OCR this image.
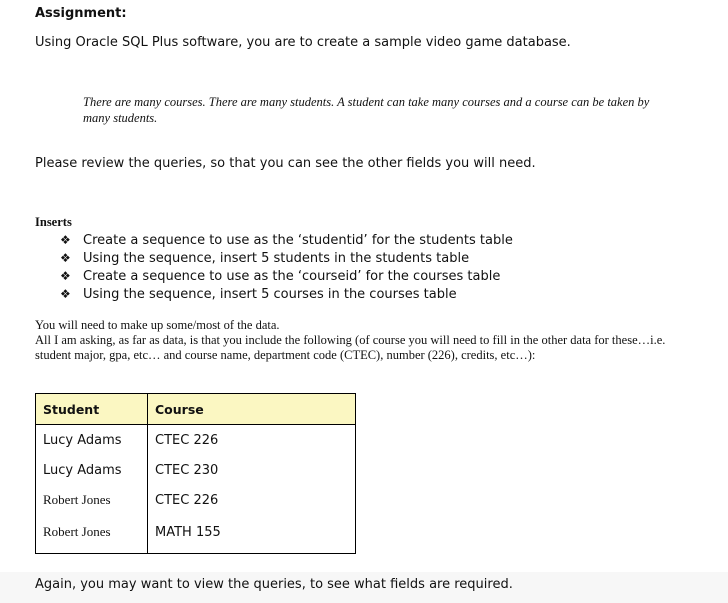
Assignment:
Using Oracle SQL Plus software, you are to create a sample video game database.
There are many courses. There are many students. A student can take many courses and a course can be taken by many students.
Please review the queries, so that you can see the other fields you will need.
Inserts
❖ Create a sequence to use as the ‘studentid’ for the students table
❖ Using the sequence, insert 5 students in the students table
❖ Create a sequence to use as the ‘courseid’ for the courses table
❖ Using the sequence, insert 5 courses in the courses table
You will need to make up some/most of the data.
All I am asking, as far as data, is that you include the following (of course you will need to fill in the other data for these…i.e. student major, gpa, etc… and course name, department code (CTEC), number (226), credits, etc…):
Student	Course
Lucy Adams	CTEC 226
Lucy Adams	CTEC 230
Robert Jones	CTEC 226
Robert Jones	MATH 155
Again, you may want to view the queries, to see what fields are required.
